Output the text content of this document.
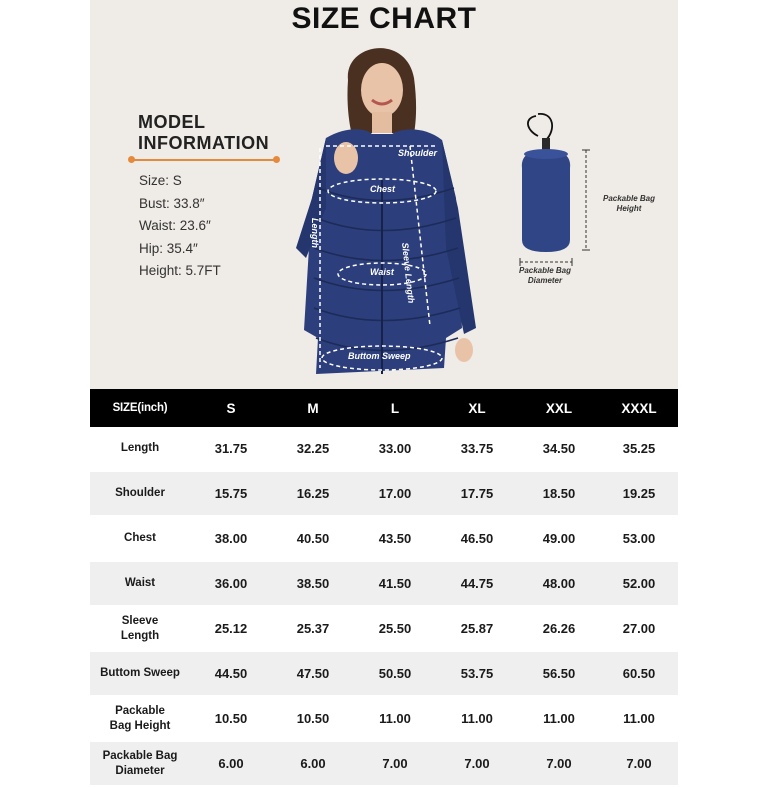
SIZE CHART
MODEL
INFORMATION
Size: S
Bust: 33.8″
Waist: 23.6″
Hip: 35.4″
Height: 5.7FT
Shoulder
Chest
Length
Sleeve Length
Waist
Buttom Sweep
Packable Bag Height
Packable Bag Diameter
SIZE(inch)	S	M	L	XL	XXL	XXXL

Length	31.75	32.25	33.00	33.75	34.50	35.25

Shoulder	15.75	16.25	17.00	17.75	18.50	19.25

Chest	38.00	40.50	43.50	46.50	49.00	53.00

Waist	36.00	38.50	41.50	44.75	48.00	52.00

Sleeve
Length	25.12	25.37	25.50	25.87	26.26	27.00

Buttom Sweep	44.50	47.50	50.50	53.75	56.50	60.50

Packable
Bag Height	10.50	10.50	11.00	11.00	11.00	11.00

Packable Bag
Diameter	6.00	6.00	7.00	7.00	7.00	7.00
